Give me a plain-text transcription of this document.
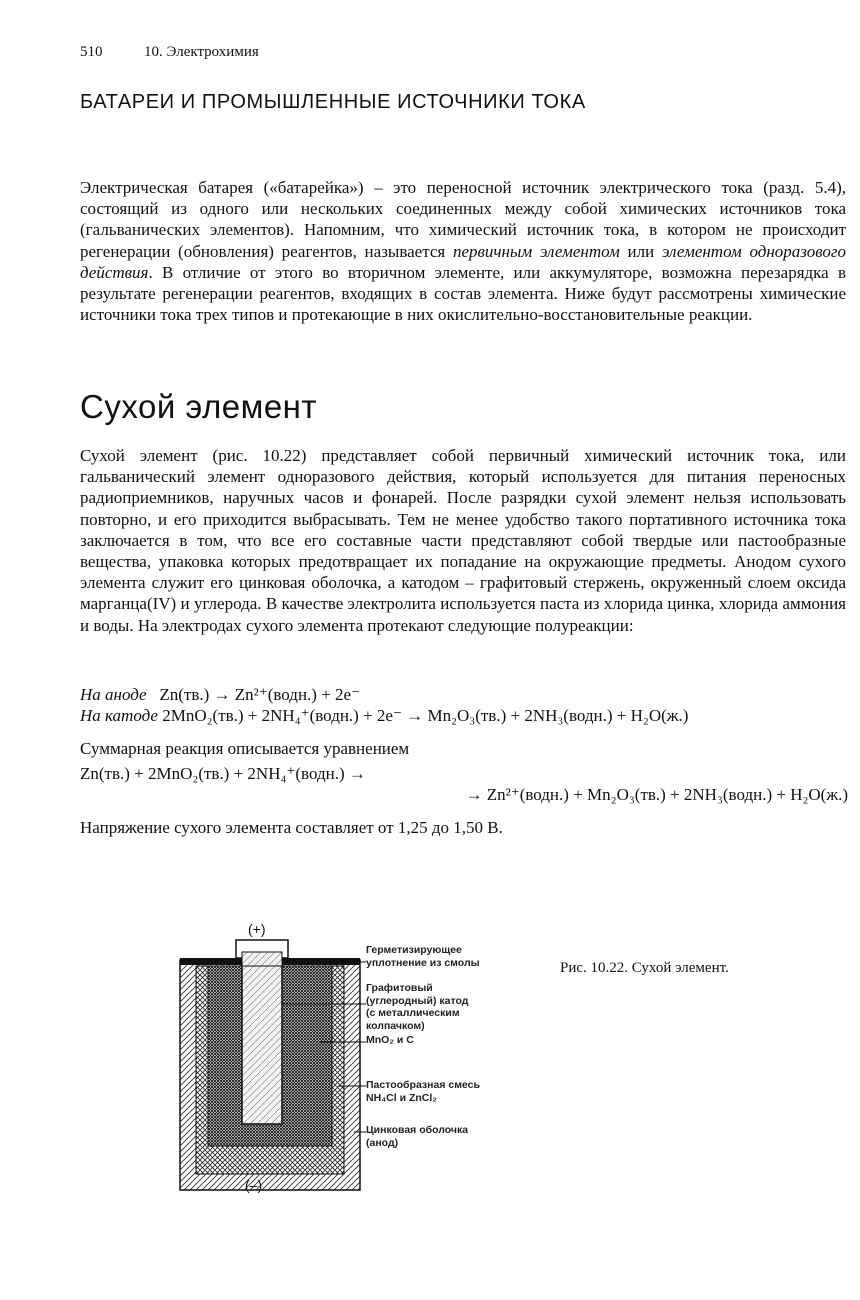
510	10. Электрохимия
БАТАРЕИ И ПРОМЫШЛЕННЫЕ ИСТОЧНИКИ ТОКА

Электрическая батарея («батарейка») – это переносной источник электрического тока (разд. 5.4), состоящий из одного или нескольких соединенных между собой химических источников тока (гальванических элементов). Напомним, что химический источник тока, в котором не происходит регенерации (обновления) реагентов, называется первичным элементом или элементом одноразового действия. В отличие от этого во вторичном элементе, или аккумуляторе, возможна перезарядка в результате регенерации реагентов, входящих в состав элемента. Ниже будут рассмотрены химические источники тока трех типов и протекающие в них окислительно-восстановительные реакции.

Сухой элемент

Сухой элемент (рис. 10.22) представляет собой первичный химический источник тока, или гальванический элемент одноразового действия, который используется для питания переносных радиоприемников, наручных часов и фонарей. После разрядки сухой элемент нельзя использовать повторно, и его приходится выбрасывать. Тем не менее удобство такого портативного источника тока заключается в том, что все его составные части представляют собой твердые или пастообразные вещества, упаковка которых предотвращает их попадание на окружающие предметы. Анодом сухого элемента служит его цинковая оболочка, а катодом – графитовый стержень, окруженный слоем оксида марганца(IV) и углерода. В качестве электролита используется паста из хлорида цинка, хлорида аммония и воды. На электродах сухого элемента протекают следующие полуреакции:

На аноде Zn(тв.) → Zn²⁺(водн.) + 2e⁻
На катоде 2MnO₂(тв.) + 2NH₄⁺(водн.) + 2e⁻ → Mn₂O₃(тв.) + 2NH₃(водн.) + H₂O(ж.)
Суммарная реакция описывается уравнением
Zn(тв.) + 2MnO₂(тв.) + 2NH₄⁺(водн.) →
→ Zn²⁺(водн.) + Mn₂O₃(тв.) + 2NH₃(водн.) + H₂O(ж.)
Напряжение сухого элемента составляет от 1,25 до 1,50 В.
(+)
(–)
Герметизирующее уплотнение из смолы
Графитовый
(углеродный) катод
(с металлическим
колпачком)
MnO₂ и C
Пастообразная смесь
NH₄Cl и ZnCl₂
Цинковая оболочка
(анод)
Рис. 10.22. Сухой элемент.
